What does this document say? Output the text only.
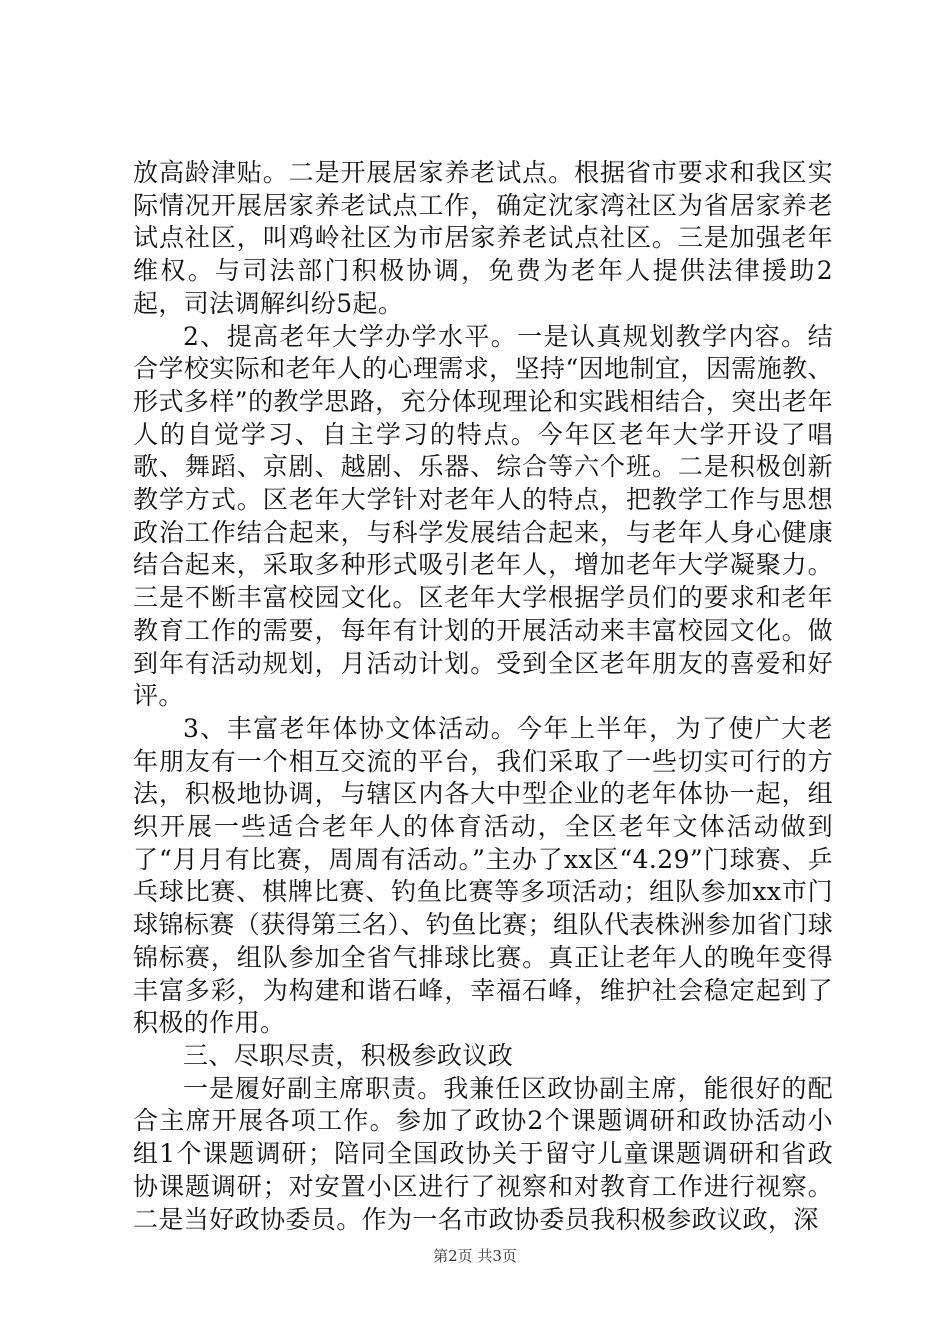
放高龄津贴。二是开展居家养老试点。根据省市要求和我区实际情况开展居家养老试点工作，确定沈家湾社区为省居家养老试点社区，叫鸡岭社区为市居家养老试点社区。三是加强老年维权。与司法部门积极协调，免费为老年人提供法律援助2起，司法调解纠纷5起。

2、提高老年大学办学水平。一是认真规划教学内容。结合学校实际和老年人的心理需求，坚持“因地制宜，因需施教、形式多样”的教学思路，充分体现理论和实践相结合，突出老年人的自觉学习、自主学习的特点。今年区老年大学开设了唱歌、舞蹈、京剧、越剧、乐器、综合等六个班。二是积极创新教学方式。区老年大学针对老年人的特点，把教学工作与思想政治工作结合起来，与科学发展结合起来，与老年人身心健康结合起来，采取多种形式吸引老年人，增加老年大学凝聚力。三是不断丰富校园文化。区老年大学根据学员们的要求和老年教育工作的需要，每年有计划的开展活动来丰富校园文化。做到年有活动规划，月活动计划。受到全区老年朋友的喜爱和好评。

3、丰富老年体协文体活动。今年上半年，为了使广大老年朋友有一个相互交流的平台，我们采取了一些切实可行的方法，积极地协调，与辖区内各大中型企业的老年体协一起，组织开展一些适合老年人的体育活动，全区老年文体活动做到了“月月有比赛，周周有活动。”主办了xx区“4.29”门球赛、乒乓球比赛、棋牌比赛、钓鱼比赛等多项活动；组队参加xx市门球锦标赛（获得第三名）、钓鱼比赛；组队代表株洲参加省门球锦标赛，组队参加全省气排球比赛。真正让老年人的晚年变得丰富多彩，为构建和谐石峰，幸福石峰，维护社会稳定起到了积极的作用。

三、尽职尽责，积极参政议政

一是履好副主席职责。我兼任区政协副主席，能很好的配合主席开展各项工作。参加了政协2个课题调研和政协活动小组1个课题调研；陪同全国政协关于留守儿童课题调研和省政协课题调研；对安置小区进行了视察和对教育工作进行视察。二是当好政协委员。作为一名市政协委员我积极参政议政，深

第2页 共3页
